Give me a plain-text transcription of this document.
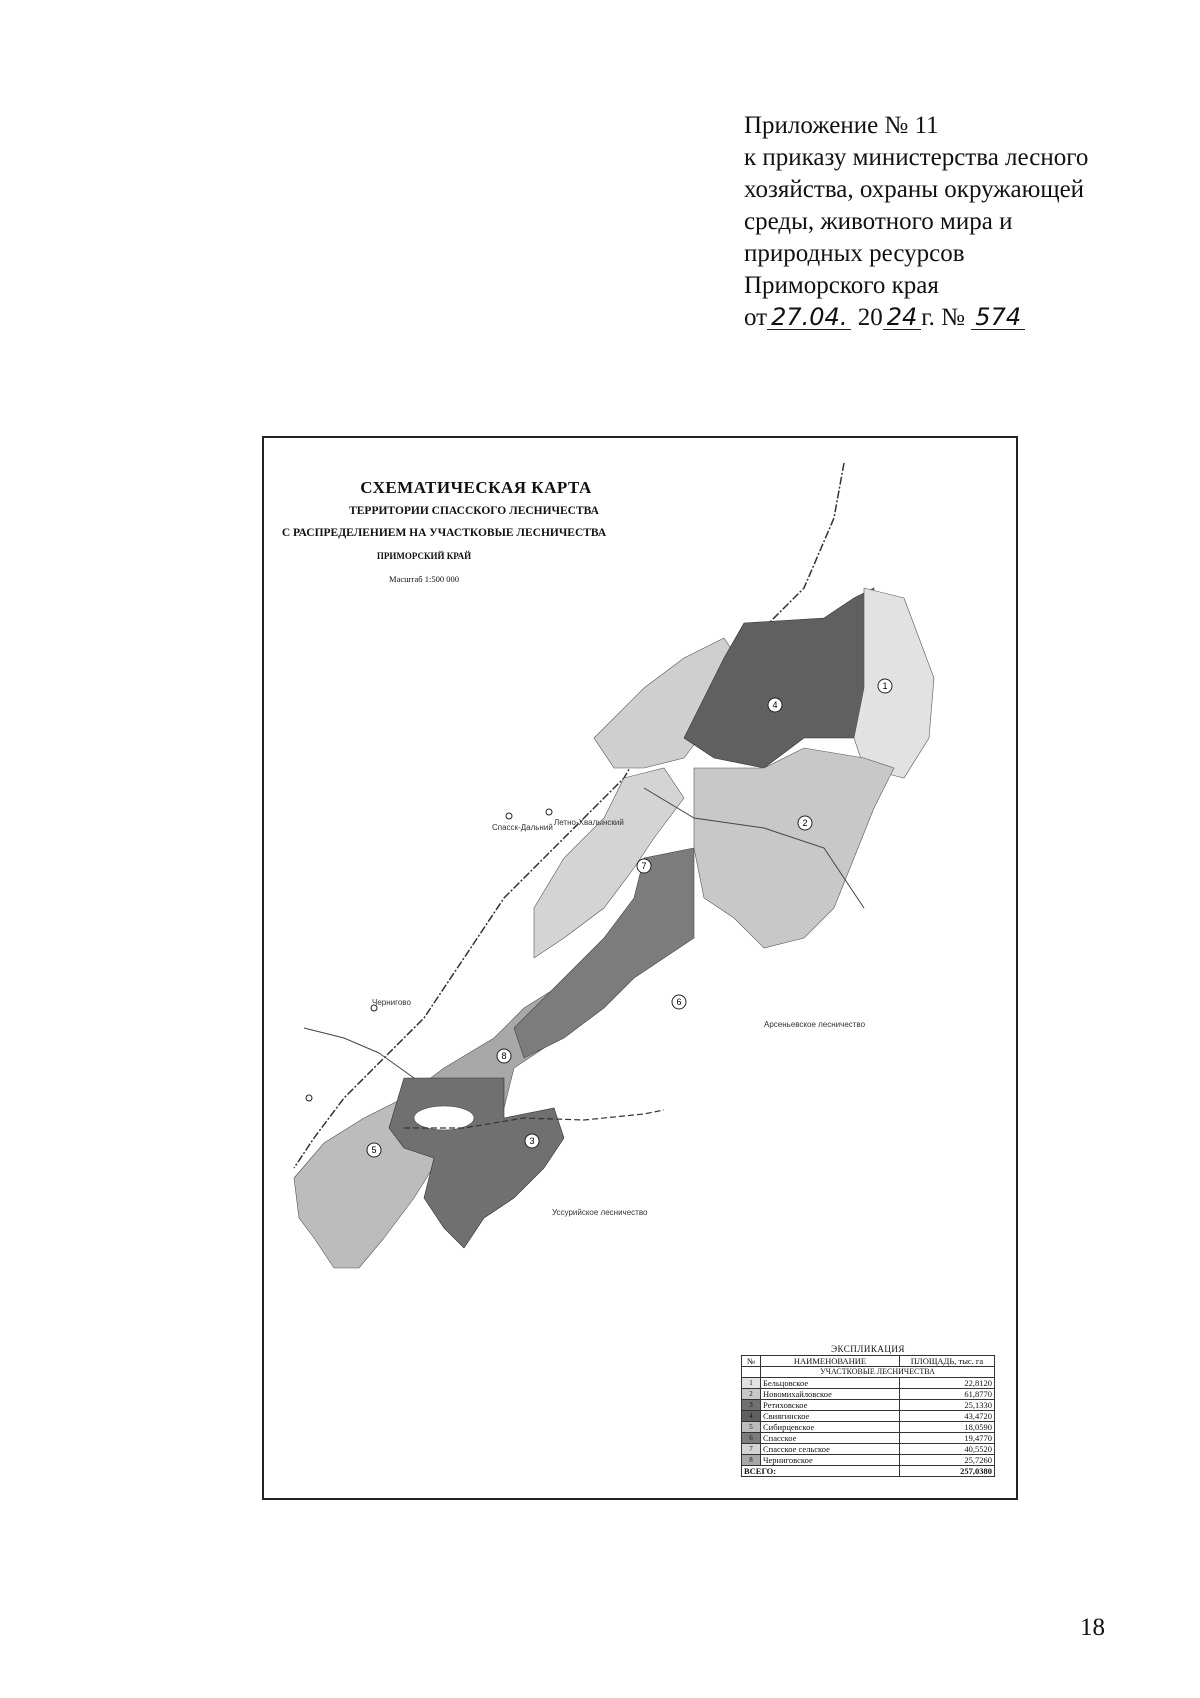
Приложение № 11
к приказу министерства лесного
хозяйства, охраны окружающей
среды, животного мира и
природных ресурсов
Приморского края
от 27.04. 20 24 г. № 574
1
2
3
4
5
6
7
8
СХЕМАТИЧЕСКАЯ КАРТА
ТЕРРИТОРИИ СПАССКОГО ЛЕСНИЧЕСТВА
С РАСПРЕДЕЛЕНИЕМ НА УЧАСТКОВЫЕ ЛЕСНИЧЕСТВА
ПРИМОРСКИЙ КРАЙ
Масштаб 1:500 000
Спасск-Дальний
Летно-Хвалынский
Чернигово
Арсеньевское лесничество
Уссурийское лесничество
ЭКСПЛИКАЦИЯ
№	НАИМЕНОВАНИЕ	ПЛОЩАДЬ, тыс. га
	УЧАСТКОВЫЕ ЛЕСНИЧЕСТВА	
1	Бельцовское	22,8120
2	Новомихайловское	61,8770
3	Ретиховское	25,1330
4	Свиягинское	43,4720
5	Сибирцевское	18,0590
6	Спасское	19,4770
7	Спасское сельское	40,5520
8	Черниговское	25,7260
ВСЕГО:		257,0380
18
